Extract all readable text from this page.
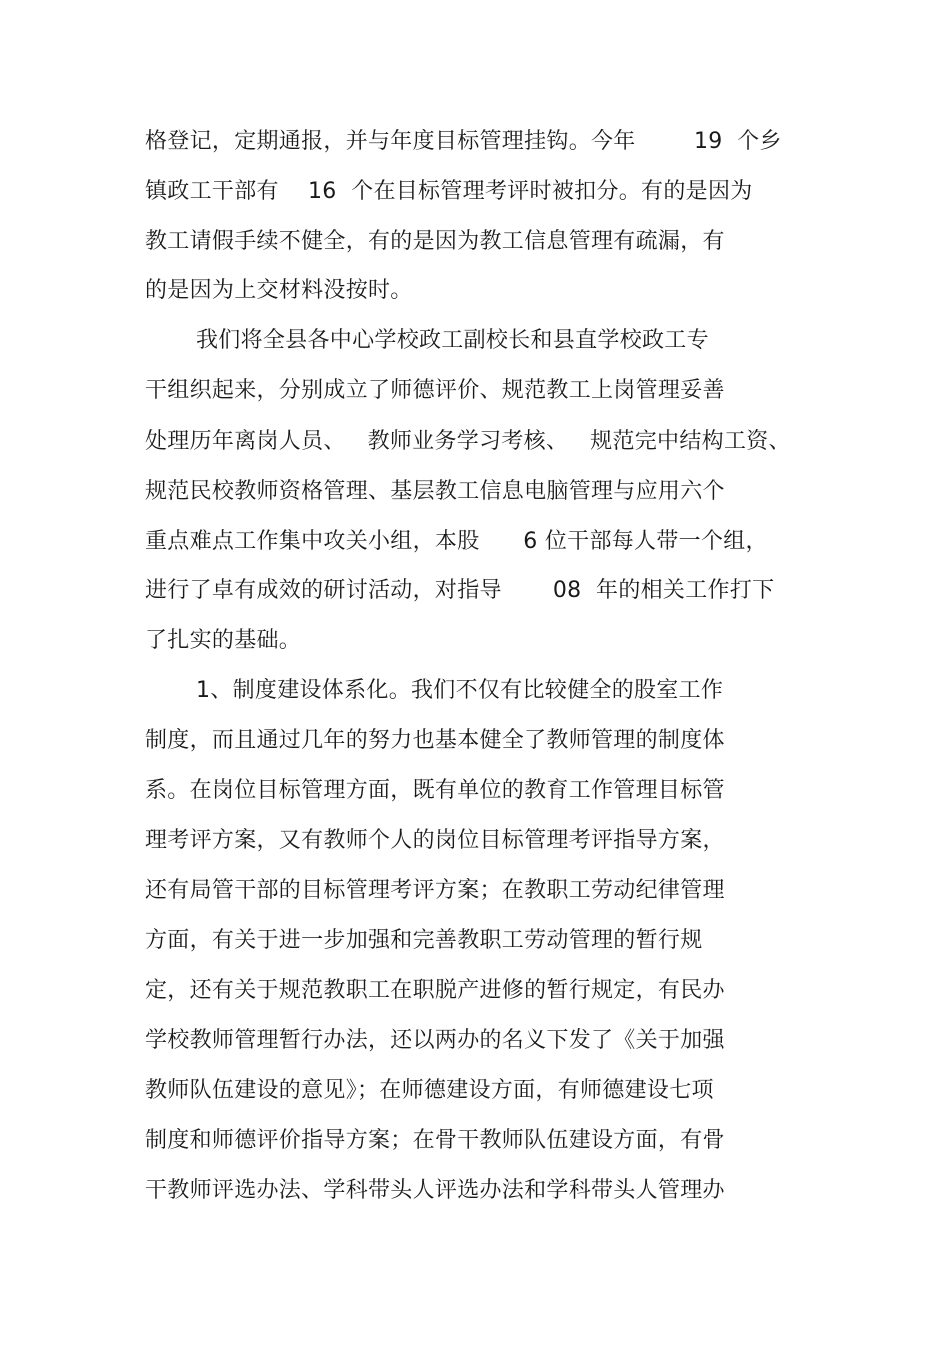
格登记，定期通报，并与年度目标管理挂钩。今年        19  个乡
镇政工干部有    16  个在目标管理考评时被扣分。有的是因为
教工请假手续不健全，有的是因为教工信息管理有疏漏，有
的是因为上交材料没按时。
我们将全县各中心学校政工副校长和县直学校政工专
干组织起来，分别成立了师德评价、规范教工上岗管理妥善
处理历年离岗人员、   教师业务学习考核、   规范完中结构工资、
规范民校教师资格管理、基层教工信息电脑管理与应用六个
重点难点工作集中攻关小组，本股      6 位干部每人带一个组，
进行了卓有成效的研讨活动，对指导       08  年的相关工作打下
了扎实的基础。
1、制度建设体系化。我们不仅有比较健全的股室工作
制度，而且通过几年的努力也基本健全了教师管理的制度体
系。在岗位目标管理方面，既有单位的教育工作管理目标管
理考评方案，又有教师个人的岗位目标管理考评指导方案，
还有局管干部的目标管理考评方案；在教职工劳动纪律管理
方面，有关于进一步加强和完善教职工劳动管理的暂行规
定，还有关于规范教职工在职脱产进修的暂行规定，有民办
学校教师管理暂行办法，还以两办的名义下发了《关于加强
教师队伍建设的意见》；在师德建设方面，有师德建设七项
制度和师德评价指导方案；在骨干教师队伍建设方面，有骨
干教师评选办法、学科带头人评选办法和学科带头人管理办
